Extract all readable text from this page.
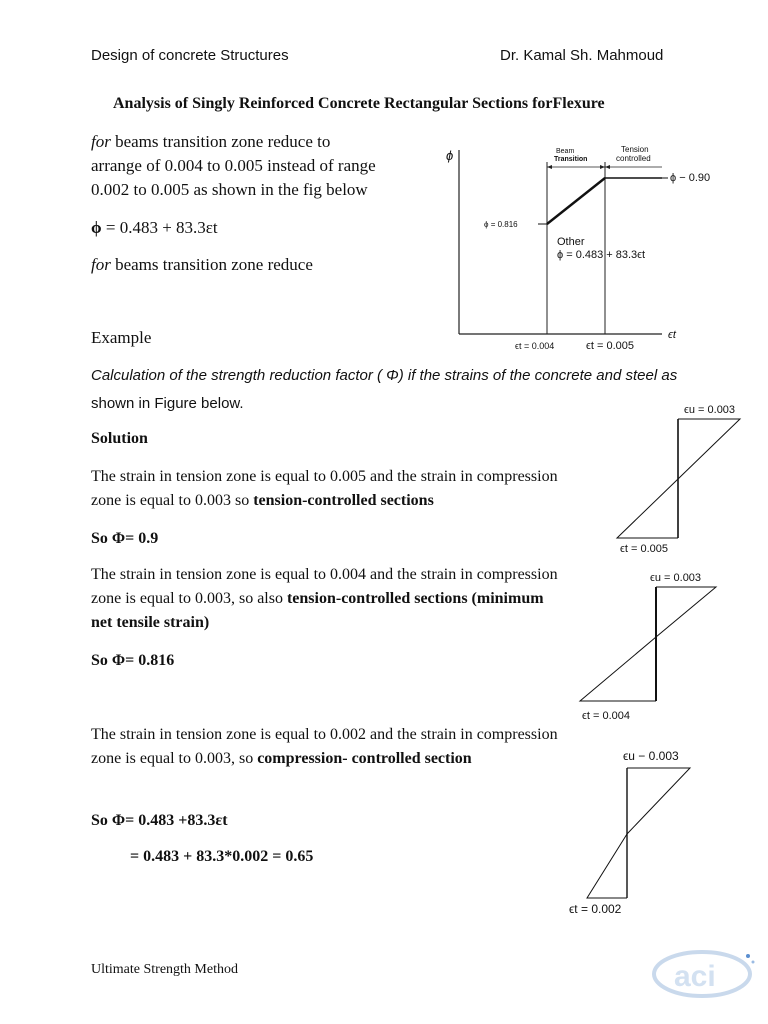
Design of concrete Structures	Dr. Kamal Sh. Mahmoud
Analysis of Singly Reinforced Concrete Rectangular Sections forFlexure
for beams transition zone reduce to
arrange of 0.004 to 0.005 instead of range
0.002 to 0.005 as shown in the fig below
ϕ = 0.483 + 83.3εt
for beams transition zone reduce
ϕ
ϵt
Beam
Transition
Tension
controlled
ϕ − 0.90
ϕ = 0.816
Other
ϕ = 0.483 + 83.3ϵt
ϵt = 0.004	ϵt = 0.005
Example
Calculation of the strength reduction factor ( Φ) if the strains of the concrete and steel as shown in Figure below.
Solution
The strain in tension zone is equal to 0.005 and the strain in compression zone is equal to 0.003 so tension-controlled sections
So Φ= 0.9
The strain in tension zone is equal to 0.004 and the strain in compression zone is equal to 0.003, so also tension-controlled sections (minimum net tensile strain)
So Φ= 0.816
The strain in tension zone is equal to 0.002 and the strain in compression zone is equal to 0.003, so compression- controlled section
So Φ= 0.483 +83.3εt
= 0.483 + 83.3*0.002 = 0.65
ϵu = 0.003
ϵt = 0.005
ϵu = 0.003
ϵt = 0.004
ϵu − 0.003
ϵt = 0.002
Ultimate Strength Method	aci
